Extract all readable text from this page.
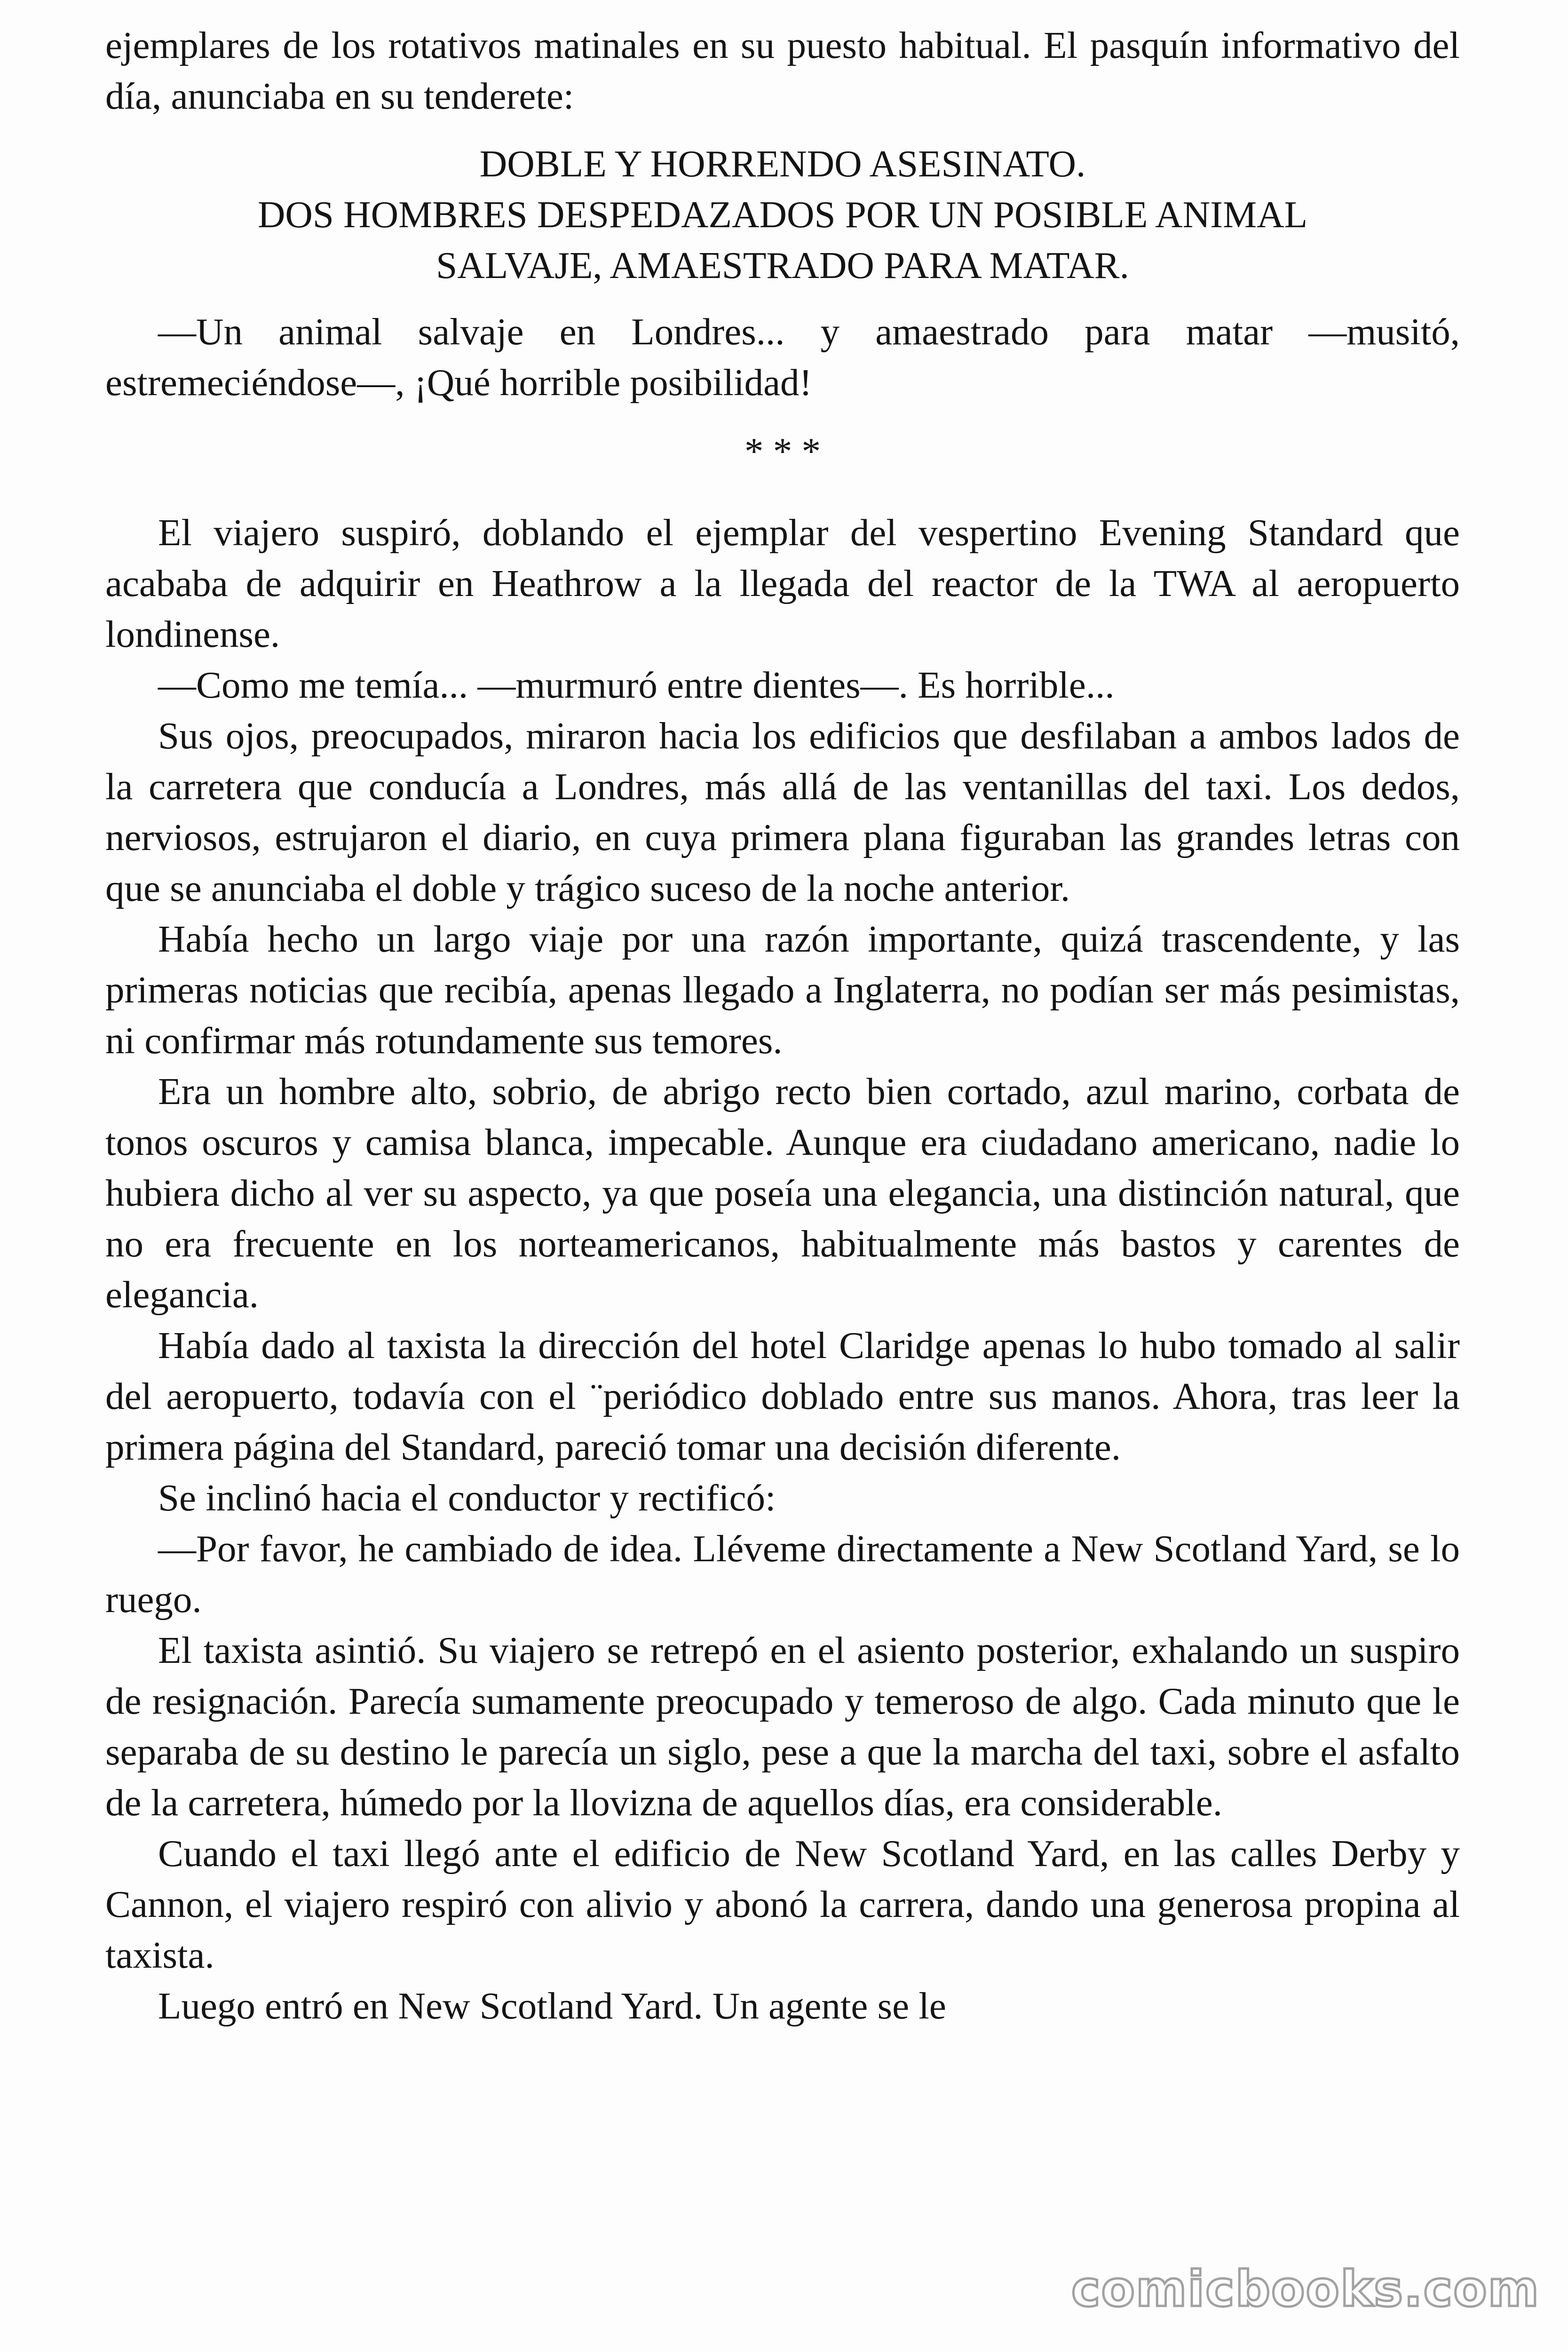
ejemplares de los rotativos matinales en su puesto habitual. El pasquín informativo del día, anunciaba en su tenderete:

DOBLE Y HORRENDO ASESINATO.
DOS HOMBRES DESPEDAZADOS POR UN POSIBLE ANIMAL
SALVAJE, AMAESTRADO PARA MATAR.

—Un animal salvaje en Londres... y amaestrado para matar —musitó, estremeciéndose—, ¡Qué horrible posibilidad!

* * *

El viajero suspiró, doblando el ejemplar del vespertino Evening Standard que acababa de adquirir en Heathrow a la llegada del reactor de la TWA al aeropuerto londinense.

—Como me temía... —murmuró entre dientes—. Es horrible...

Sus ojos, preocupados, miraron hacia los edificios que desfilaban a ambos lados de la carretera que conducía a Londres, más allá de las ventanillas del taxi. Los dedos, nerviosos, estrujaron el diario, en cuya primera plana figuraban las grandes letras con que se anunciaba el doble y trágico suceso de la noche anterior.

Había hecho un largo viaje por una razón importante, quizá trascendente, y las primeras noticias que recibía, apenas llegado a Inglaterra, no podían ser más pesimistas, ni confirmar más rotundamente sus temores.

Era un hombre alto, sobrio, de abrigo recto bien cortado, azul marino, corbata de tonos oscuros y camisa blanca, impecable. Aunque era ciudadano americano, nadie lo hubiera dicho al ver su aspecto, ya que poseía una elegancia, una distinción natural, que no era frecuente en los norteamericanos, habitualmente más bastos y carentes de elegancia.

Había dado al taxista la dirección del hotel Claridge apenas lo hubo tomado al salir del aeropuerto, todavía con el ¨periódico doblado entre sus manos. Ahora, tras leer la primera página del Standard, pareció tomar una decisión diferente.

Se inclinó hacia el conductor y rectificó:

—Por favor, he cambiado de idea. Lléveme directamente a New Scotland Yard, se lo ruego.

El taxista asintió. Su viajero se retrepó en el asiento posterior, exhalando un suspiro de resignación. Parecía sumamente preocupado y temeroso de algo. Cada minuto que le separaba de su destino le parecía un siglo, pese a que la marcha del taxi, sobre el asfalto de la carretera, húmedo por la llovizna de aquellos días, era considerable.

Cuando el taxi llegó ante el edificio de New Scotland Yard, en las calles Derby y Cannon, el viajero respiró con alivio y abonó la carrera, dando una generosa propina al taxista.

Luego entró en New Scotland Yard. Un agente se le

comicbooks.com
